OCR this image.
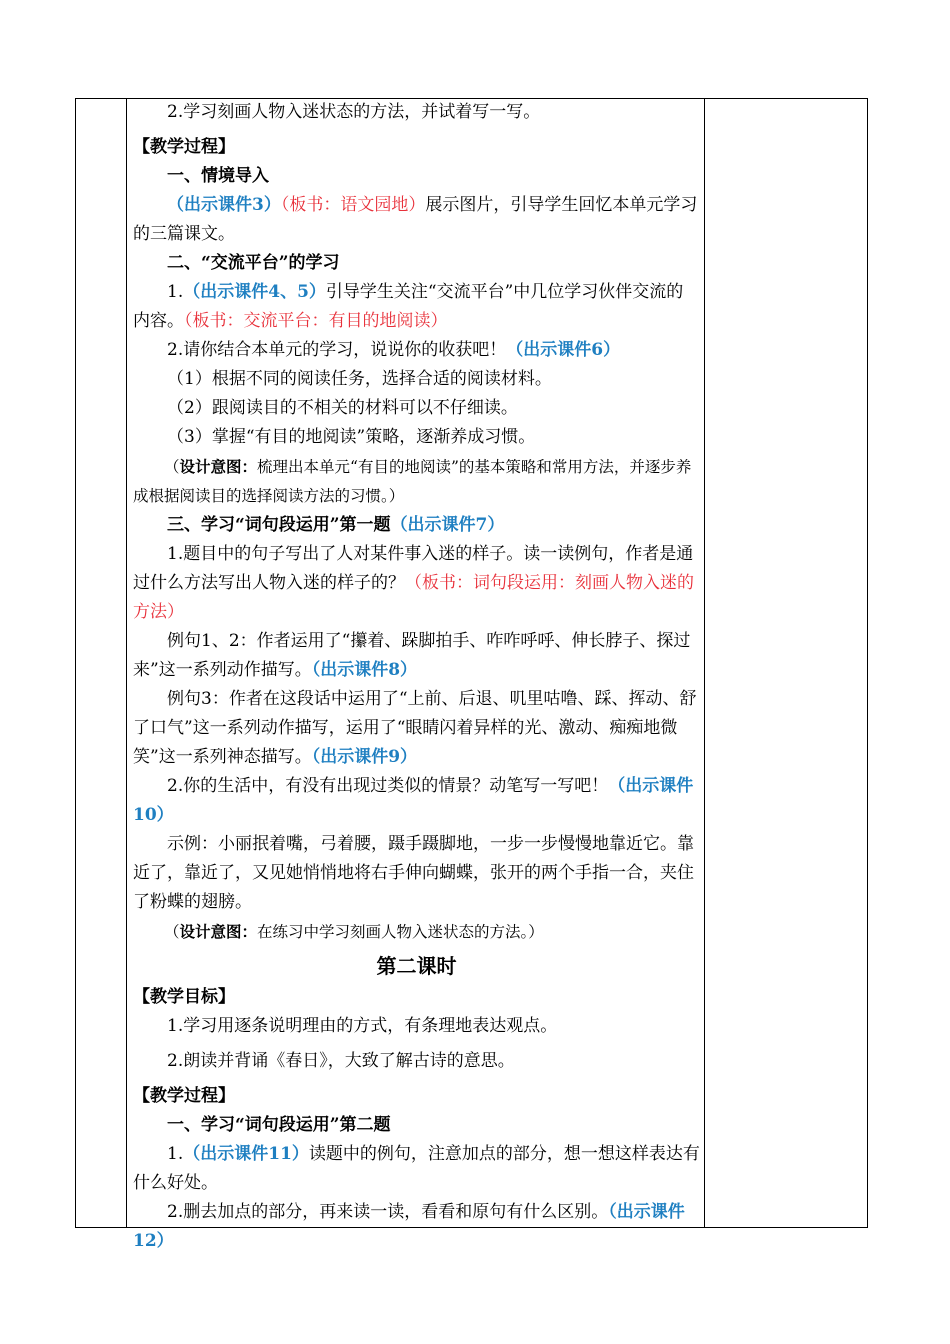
2.学习刻画人物入迷状态的方法，并试着写一写。

【教学过程】

一、情境导入

（出示课件3）（板书：语文园地）展示图片，引导学生回忆本单元学习的三篇课文。

二、“交流平台”的学习

1.（出示课件4、5）引导学生关注“交流平台”中几位学习伙伴交流的内容。（板书：交流平台：有目的地阅读）

2.请你结合本单元的学习，说说你的收获吧！（出示课件6）

（1）根据不同的阅读任务，选择合适的阅读材料。

（2）跟阅读目的不相关的材料可以不仔细读。

（3）掌握“有目的地阅读”策略，逐渐养成习惯。

（设计意图：梳理出本单元“有目的地阅读”的基本策略和常用方法，并逐步养成根据阅读目的选择阅读方法的习惯。）

三、学习“词句段运用”第一题（出示课件7）

1.题目中的句子写出了人对某件事入迷的样子。读一读例句，作者是通过什么方法写出人物入迷的样子的？（板书：词句段运用：刻画人物入迷的方法）

例句1、2：作者运用了“攥着、跺脚拍手、咋咋呼呼、伸长脖子、探过来”这一系列动作描写。（出示课件8）

例句3：作者在这段话中运用了“上前、后退、叽里咕噜、踩、挥动、舒了口气”这一系列动作描写，运用了“眼睛闪着异样的光、激动、痴痴地微笑”这一系列神态描写。（出示课件9）

2.你的生活中，有没有出现过类似的情景？动笔写一写吧！（出示课件10）

示例：小丽抿着嘴，弓着腰，蹑手蹑脚地，一步一步慢慢地靠近它。靠近了，靠近了，又见她悄悄地将右手伸向蝴蝶，张开的两个手指一合，夹住了粉蝶的翅膀。

（设计意图：在练习中学习刻画人物入迷状态的方法。）

第二课时

【教学目标】

1.学习用逐条说明理由的方式，有条理地表达观点。

2.朗读并背诵《春日》，大致了解古诗的意思。

【教学过程】

一、学习“词句段运用”第二题

1.（出示课件11）读题中的例句，注意加点的部分，想一想这样表达有什么好处。

2.删去加点的部分，再来读一读，看看和原句有什么区别。（出示课件12）
